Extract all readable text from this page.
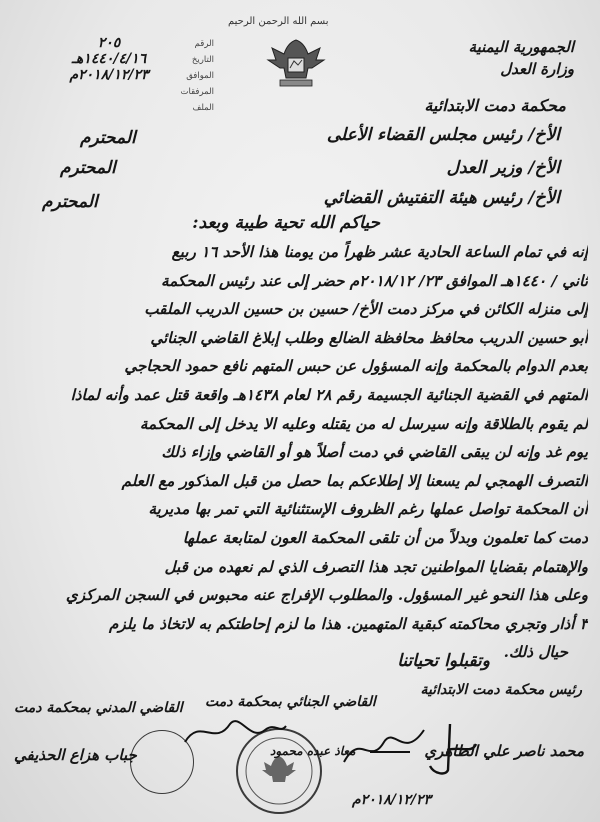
بسم الله الرحمن الرحيم
الجمهورية اليمنية
وزارة العدل
الرقم
٢٠٥
التاريخ
١٤٤٠/٤/١٦هـ
الموافق
٢٠١٨/١٢/٢٣م
المرفقات
الملف	محكمة دمت الابتدائية
الأخ/ رئيس مجلس القضاء الأعلى
المحترم
الأخ/ وزير العدل
المحترم
الأخ/ رئيس هيئة التفتيش القضائي
المحترم
حياكم الله تحية طيبة وبعد:
إنه في تمام الساعة الحادية عشر ظهراً من يومنا هذا الأحد ١٦ ربيع
ثاني / ١٤٤٠هـ الموافق ٢٣/ ٢٠١٨/١٢م حضر إلى عند رئيس المحكمة
إلى منزله الكائن في مركز دمت الأخ/ حسين بن حسين الدريب الملقب
أبو حسين الدريب محافظ محافظة الضالع وطلب إبلاغ القاضي الجنائي
بعدم الدوام بالمحكمة وإنه المسؤول عن حبس المتهم نافع حمود الحجاجي
المتهم في القضية الجنائية الجسيمة رقم ٢٨ لعام ١٤٣٨هـ واقعة قتل عمد وأنه لماذا
لم يقوم بالطلاقة وإنه سيرسل له من يقتله وعليه الا يدخل إلى المحكمة
يوم غد وإنه لن يبقى القاضي في دمت أصلاً هو أو القاضي وإزاء ذلك
التصرف الهمجي لم يسعنا إلا إطلاعكم بما حصل من قبل المذكور مع العلم
أن المحكمة تواصل عملها رغم الظروف الإستثنائية التي تمر بها مديرية
دمت كما تعلمون وبدلاً من أن تلقى المحكمة العون لمتابعة عملها
والإهتمام بقضايا المواطنين تجد هذا التصرف الذي لم نعهده من قبل
وعلى هذا النحو غير المسؤول. والمطلوب الإفراج عنه محبوس في السجن المركزي
٣ أذار وتجري محاكمته كبقية المتهمين. هذا ما لزم إحاطتكم به لاتخاذ ما يلزم
حيال ذلك.
وتقبلوا تحياتنا
رئيس محكمة دمت الابتدائية
القاضي الجنائي بمحكمة دمت
القاضي المدني بمحكمة دمت
محمد ناصر علي الظاهري
معاذ عبده محمود
جباب هزاع الحذيفي
٢٠١٨/١٢/٢٣م
